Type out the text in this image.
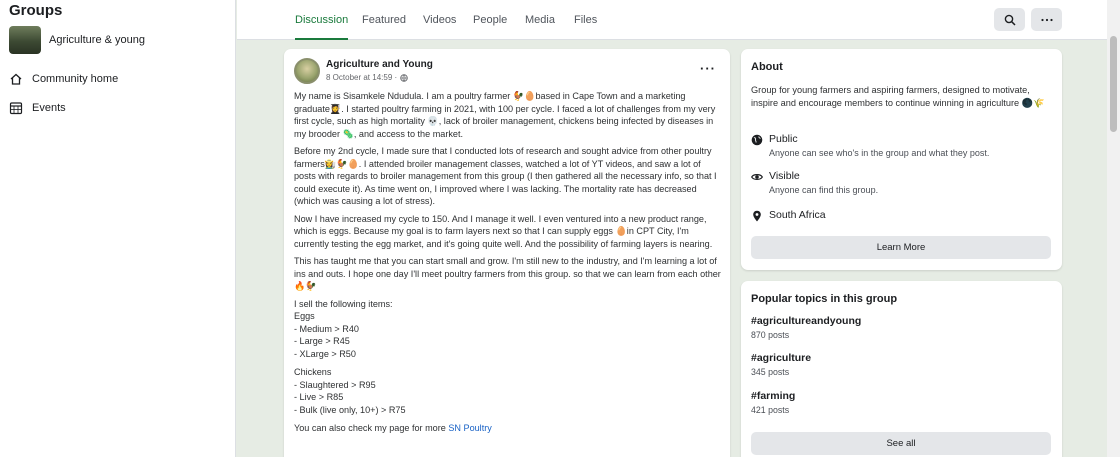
Groups
Agriculture & young
Community home
Events
Discussion Featured Videos People Media Files
Agriculture and Young
8 October at 14:59 ·
···

My name is Sisamkele Ndudula. I am a poultry farmer 🐓🥚based in Cape Town and a marketing graduate👩‍🎓. I started poultry farming in 2021, with 100 per cycle. I faced a lot of challenges from my very first cycle, such as high mortality 💀, lack of broiler management, chickens being infected by diseases in my brooder 🦠, and access to the market.

Before my 2nd cycle, I made sure that I conducted lots of research and sought advice from other poultry farmers👩‍🌾🐓🥚. I attended broiler management classes, watched a lot of YT videos, and saw a lot of posts with regards to broiler management from this group (I then gathered all the necessary info, so that I could execute it). As time went on, I improved where I was lacking. The mortality rate has decreased (which was causing a lot of stress).

Now I have increased my cycle to 150. And I manage it well. I even ventured into a new product range, which is eggs. Because my goal is to farm layers next so that I can supply eggs 🥚in CPT City, I'm currently testing the egg market, and it's going quite well. And the possibility of farming layers is nearing.

This has taught me that you can start small and grow. I'm still new to the industry, and I'm learning a lot of ins and outs. I hope one day I'll meet poultry farmers from this group. so that we can learn from each other🔥🐓

I sell the following items:
Eggs
- Medium > R40
- Large > R45
- XLarge > R50
Chickens
- Slaughtered > R95
- Live > R85
- Bulk (live only, 10+) > R75
You can also check my page for more SN Poultry
About
Group for young farmers and aspiring farmers, designed to motivate, inspire and encourage members to continue winning in agriculture 🌑🌾
Public
Anyone can see who's in the group and what they post.
Visible
Anyone can find this group.
South Africa
Learn More
Popular topics in this group
#agricultureandyoung
870 posts
#agriculture
345 posts
#farming
421 posts
See all
